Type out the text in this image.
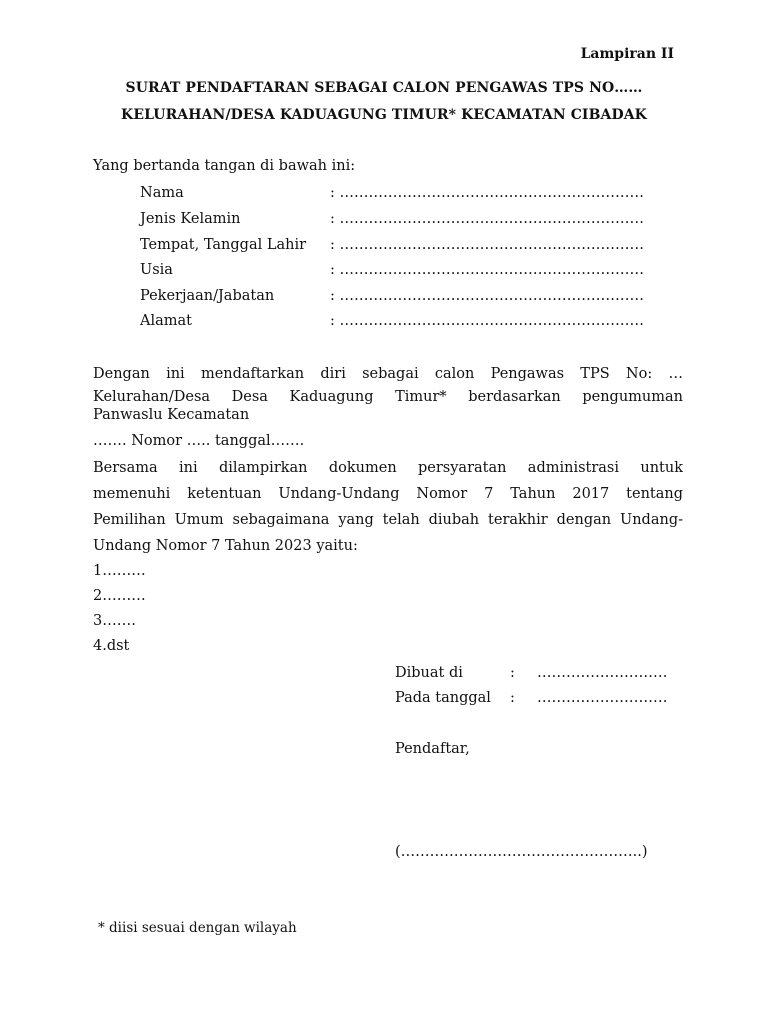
Lampiran II
SURAT PENDAFTARAN SEBAGAI CALON PENGAWAS TPS NO……
KELURAHAN/DESA KADUAGUNG TIMUR* KECAMATAN CIBADAK
Yang bertanda tangan di bawah ini:
Nama	: ………………………………………………………
Jenis Kelamin	: ………………………………………………………
Tempat, Tanggal Lahir : ………………………………………………………
Usia	: ………………………………………………………
Pekerjaan/Jabatan	: ………………………………………………………
Alamat	: ………………………………………………………
Dengan ini mendaftarkan diri sebagai calon Pengawas TPS No: …
Kelurahan/Desa Desa Kaduagung Timur* berdasarkan pengumuman
Panwaslu Kecamatan
……. Nomor ….. tanggal…….
Bersama ini dilampirkan dokumen persyaratan administrasi untuk
memenuhi ketentuan Undang-Undang Nomor 7 Tahun 2017 tentang
Pemilihan Umum sebagaimana yang telah diubah terakhir dengan Undang-
Undang Nomor 7 Tahun 2023 yaitu:
1………
2………
3…….
4.dst
Dibuat di	: ………………………
Pada tanggal : ………………………
Pendaftar,
(…………………………………………..)
* diisi sesuai dengan wilayah
